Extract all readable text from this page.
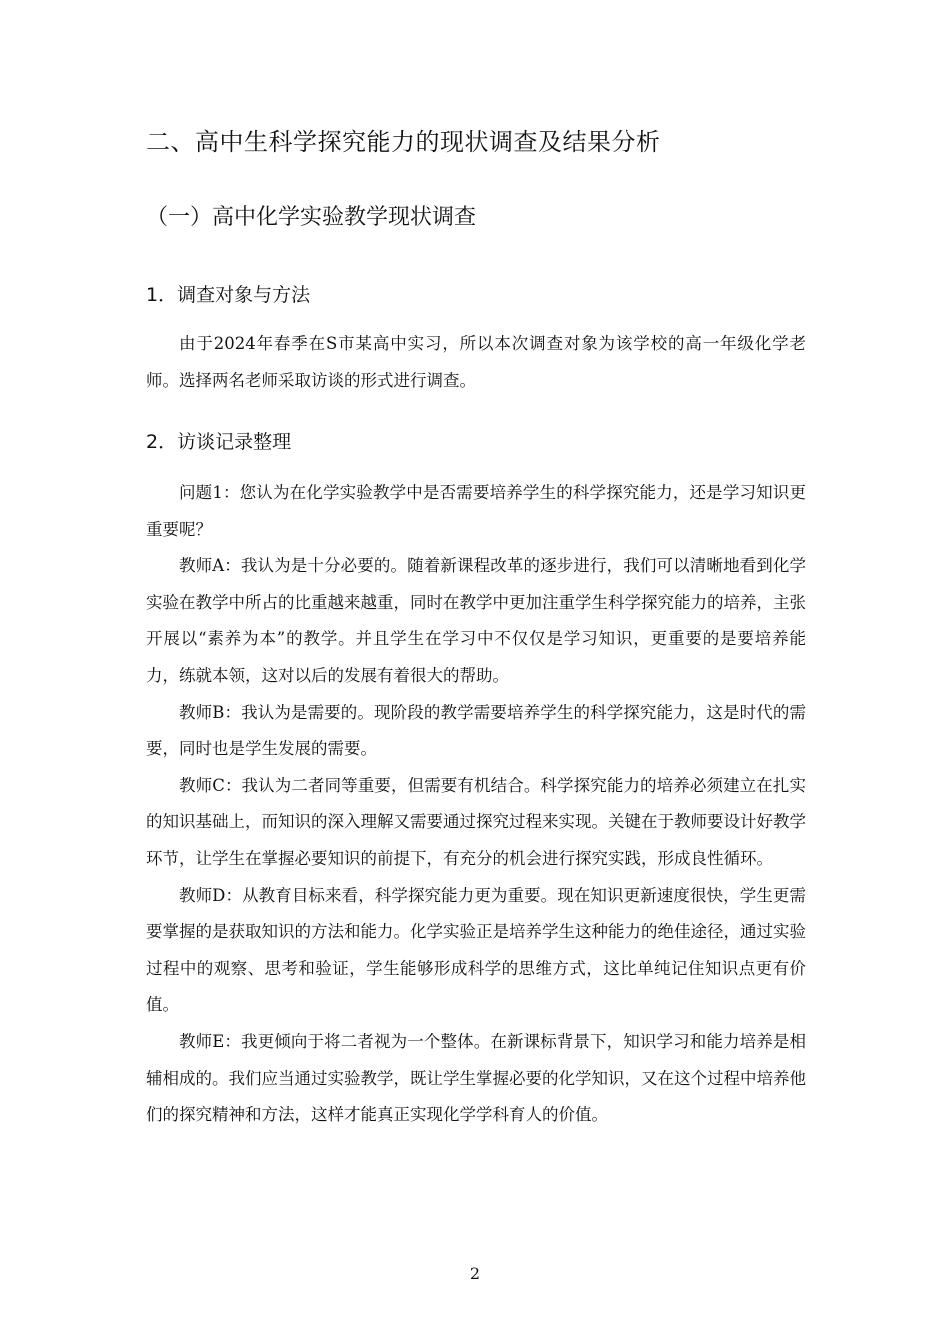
二、高中生科学探究能力的现状调查及结果分析
（一）高中化学实验教学现状调查
1．调查对象与方法

由于2024年春季在S市某高中实习，所以本次调查对象为该学校的高一年级化学老师。选择两名老师采取访谈的形式进行调查。

2．访谈记录整理

问题1：您认为在化学实验教学中是否需要培养学生的科学探究能力，还是学习知识更重要呢？

教师A：我认为是十分必要的。随着新课程改革的逐步进行，我们可以清晰地看到化学实验在教学中所占的比重越来越重，同时在教学中更加注重学生科学探究能力的培养，主张开展以“素养为本”的教学。并且学生在学习中不仅仅是学习知识，更重要的是要培养能力，练就本领，这对以后的发展有着很大的帮助。

教师B：我认为是需要的。现阶段的教学需要培养学生的科学探究能力，这是时代的需要，同时也是学生发展的需要。

教师C：我认为二者同等重要，但需要有机结合。科学探究能力的培养必须建立在扎实的知识基础上，而知识的深入理解又需要通过探究过程来实现。关键在于教师要设计好教学环节，让学生在掌握必要知识的前提下，有充分的机会进行探究实践，形成良性循环。

教师D：从教育目标来看，科学探究能力更为重要。现在知识更新速度很快，学生更需要掌握的是获取知识的方法和能力。化学实验正是培养学生这种能力的绝佳途径，通过实验过程中的观察、思考和验证，学生能够形成科学的思维方式，这比单纯记住知识点更有价值。

教师E：我更倾向于将二者视为一个整体。在新课标背景下，知识学习和能力培养是相辅相成的。我们应当通过实验教学，既让学生掌握必要的化学知识，又在这个过程中培养他们的探究精神和方法，这样才能真正实现化学学科育人的价值。

2
